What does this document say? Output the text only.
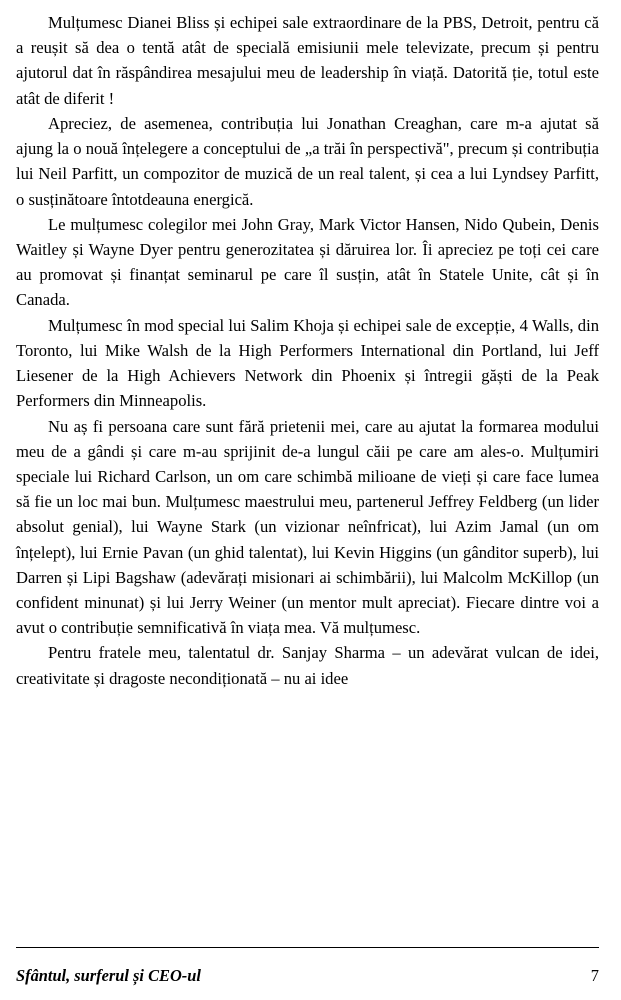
Mulțumesc Dianei Bliss și echipei sale extraordinare de la PBS, Detroit, pentru că a reușit să dea o tentă atât de specială emisiunii mele televizate, precum și pentru ajutorul dat în răspândirea mesajului meu de leadership în viață. Datorită ție, totul este atât de diferit !

Apreciez, de asemenea, contribuția lui Jonathan Creaghan, care m-a ajutat să ajung la o nouă înțelegere a conceptului de „a trăi în perspectivă", precum și contribuția lui Neil Parfitt, un compozitor de muzică de un real talent, și cea a lui Lyndsey Parfitt, o susținătoare întotdeauna energică.

Le mulțumesc colegilor mei John Gray, Mark Victor Hansen, Nido Qubein, Denis Waitley și Wayne Dyer pentru generozitatea și dăruirea lor. Îi apreciez pe toți cei care au promovat și finanțat seminarul pe care îl susțin, atât în Statele Unite, cât și în Canada.

Mulțumesc în mod special lui Salim Khoja și echipei sale de excepție, 4 Walls, din Toronto, lui Mike Walsh de la High Performers International din Portland, lui Jeff Liesener de la High Achievers Network din Phoenix și întregii găști de la Peak Performers din Minneapolis.

Nu aș fi persoana care sunt fără prietenii mei, care au ajutat la formarea modului meu de a gândi și care m-au sprijinit de-a lungul căii pe care am ales-o. Mulțumiri speciale lui Richard Carlson, un om care schimbă milioane de vieți și care face lumea să fie un loc mai bun. Mulțumesc maestrului meu, partenerul Jeffrey Feldberg (un lider absolut genial), lui Wayne Stark (un vizionar neînfricat), lui Azim Jamal (un om înțelept), lui Ernie Pavan (un ghid talentat), lui Kevin Higgins (un gânditor superb), lui Darren și Lipi Bagshaw (adevărați misionari ai schimbării), lui Malcolm McKillop (un confident minunat) și lui Jerry Weiner (un mentor mult apreciat). Fiecare dintre voi a avut o contribuție semnificativă în viața mea. Vă mulțumesc.

Pentru fratele meu, talentatul dr. Sanjay Sharma – un adevărat vulcan de idei, creativitate și dragoste necondiționată – nu ai idee

Sfântul, surferul și CEO-ul	7
